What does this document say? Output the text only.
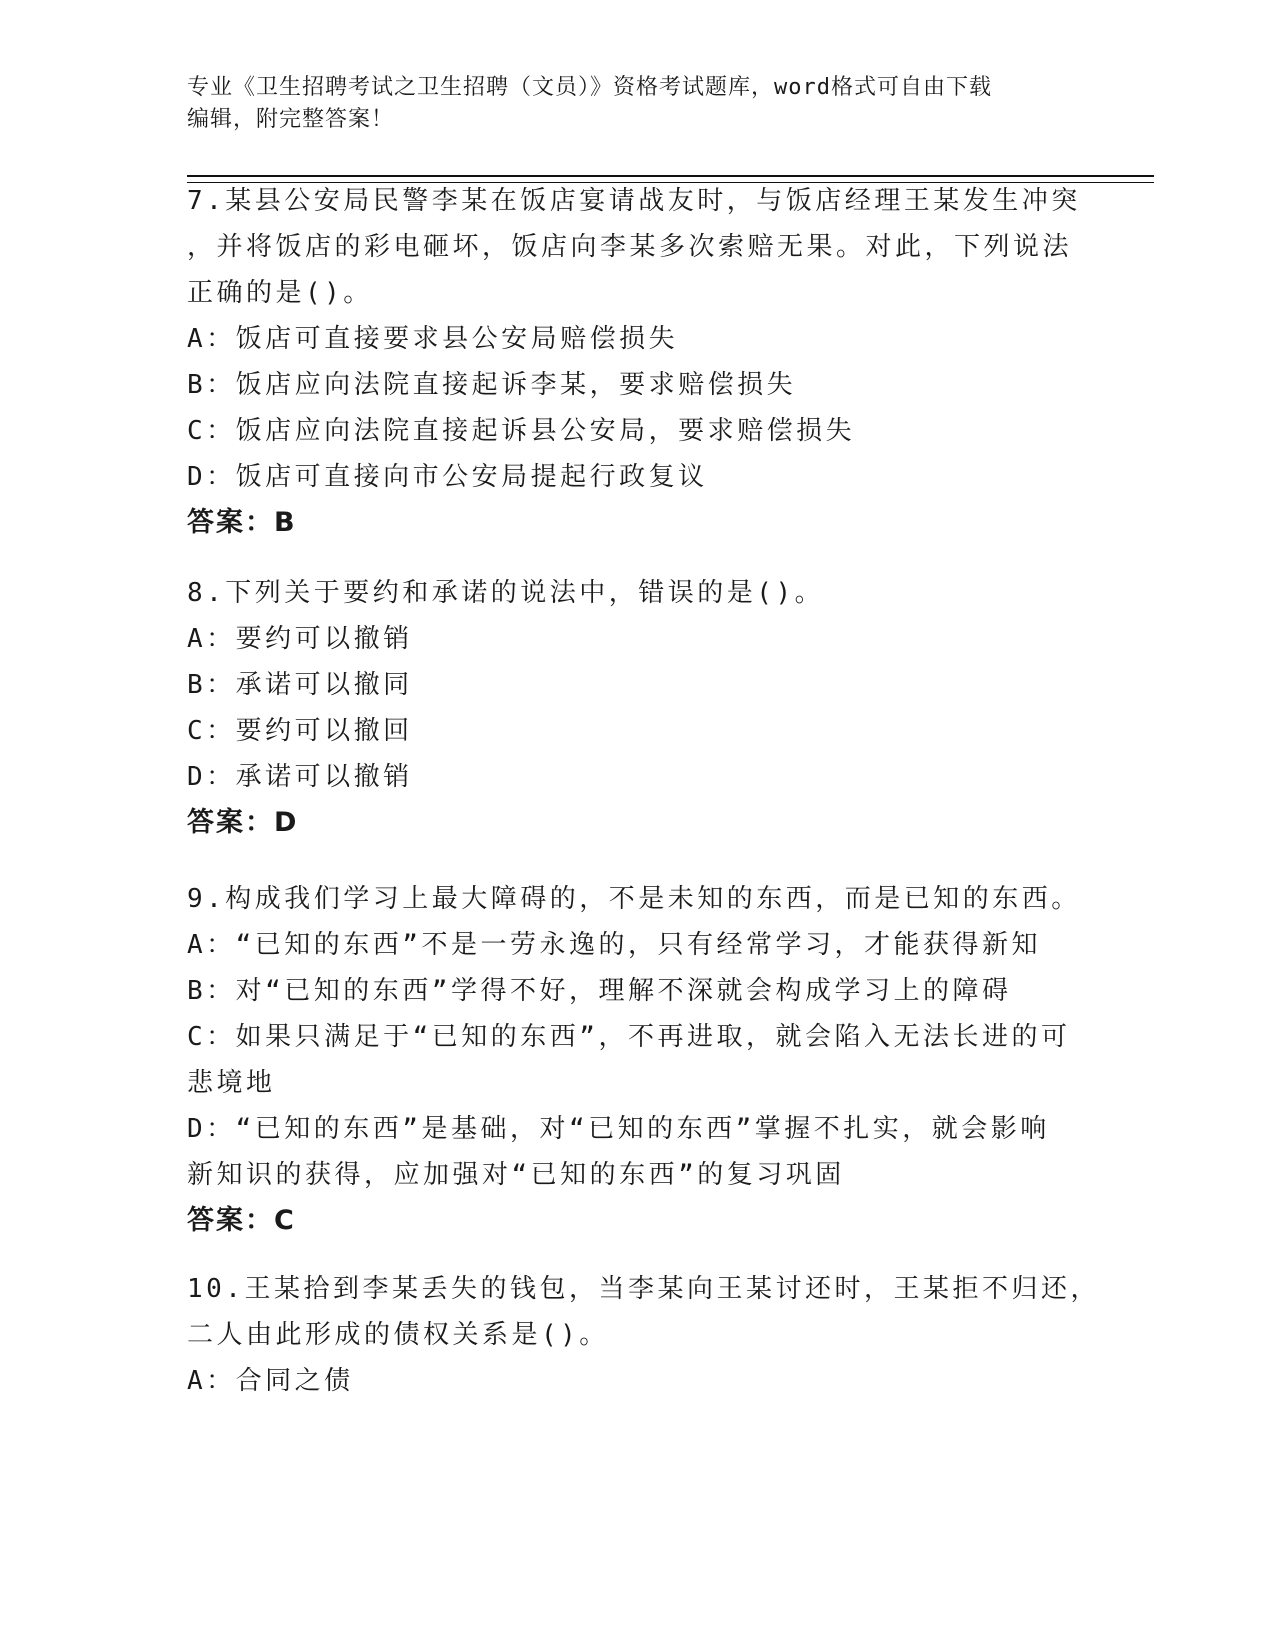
专业《卫生招聘考试之卫生招聘（文员）》资格考试题库，word格式可自由下载
编辑，附完整答案！
7.某县公安局民警李某在饭店宴请战友时，与饭店经理王某发生冲突
，并将饭店的彩电砸坏，饭店向李某多次索赔无果。对此，下列说法
正确的是()。
A：饭店可直接要求县公安局赔偿损失
B：饭店应向法院直接起诉李某，要求赔偿损失
C：饭店应向法院直接起诉县公安局，要求赔偿损失
D：饭店可直接向市公安局提起行政复议
答案：B
8.下列关于要约和承诺的说法中，错误的是()。
A：要约可以撤销
B：承诺可以撤同
C：要约可以撤回
D：承诺可以撤销
答案：D
9.构成我们学习上最大障碍的，不是未知的东西，而是已知的东西。
A：“已知的东西”不是一劳永逸的，只有经常学习，才能获得新知
B：对“已知的东西”学得不好，理解不深就会构成学习上的障碍
C：如果只满足于“已知的东西”，不再进取，就会陷入无法长进的可
悲境地
D：“已知的东西”是基础，对“已知的东西”掌握不扎实，就会影响
新知识的获得，应加强对“已知的东西”的复习巩固
答案：C
10.王某拾到李某丢失的钱包，当李某向王某讨还时，王某拒不归还，
二人由此形成的债权关系是()。
A：合同之债
